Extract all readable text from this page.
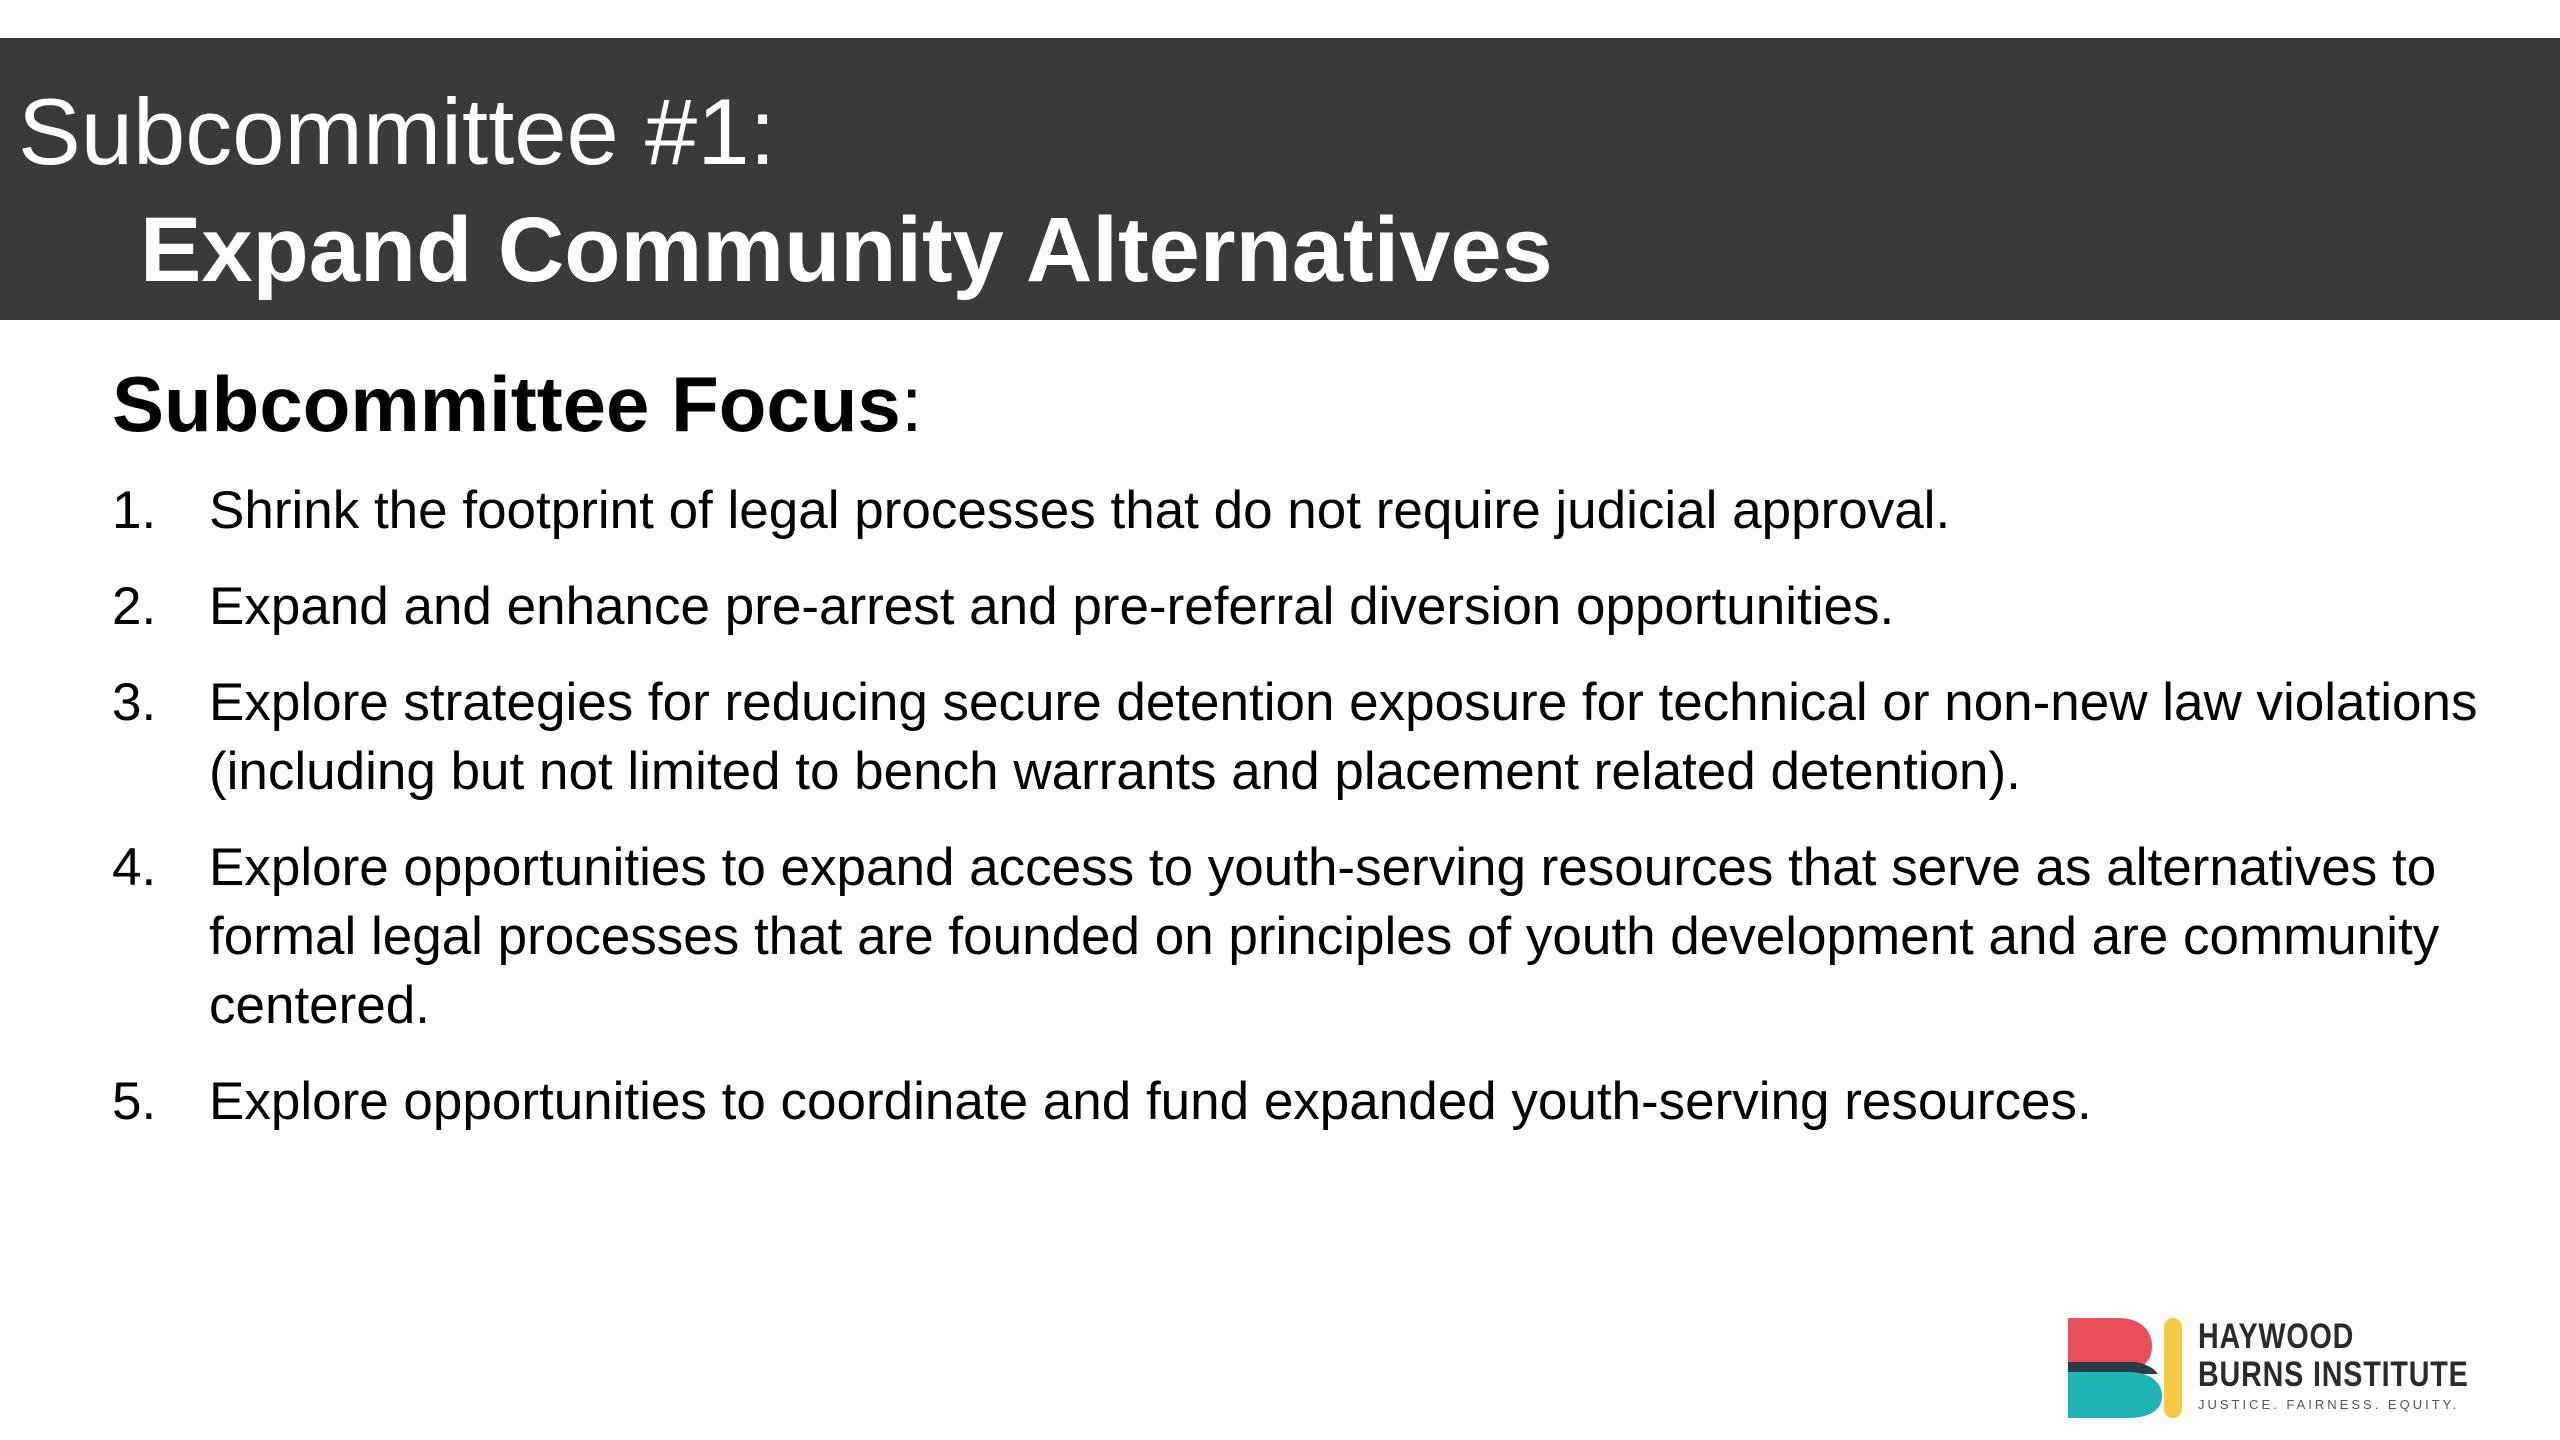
Subcommittee #1:
Expand Community Alternatives
Subcommittee Focus:
1. Shrink the footprint of legal processes that do not require judicial approval.
2. Expand and enhance pre-arrest and pre-referral diversion opportunities.
3. Explore strategies for reducing secure detention exposure for technical or non-new law violations (including but not limited to bench warrants and placement related detention).
4. Explore opportunities to expand access to youth-serving resources that serve as alternatives to formal legal processes that are founded on principles of youth development and are community centered.
5. Explore opportunities to coordinate and fund expanded youth-serving resources.
HAYWOOD
BURNS INSTITUTE
JUSTICE. FAIRNESS. EQUITY.
